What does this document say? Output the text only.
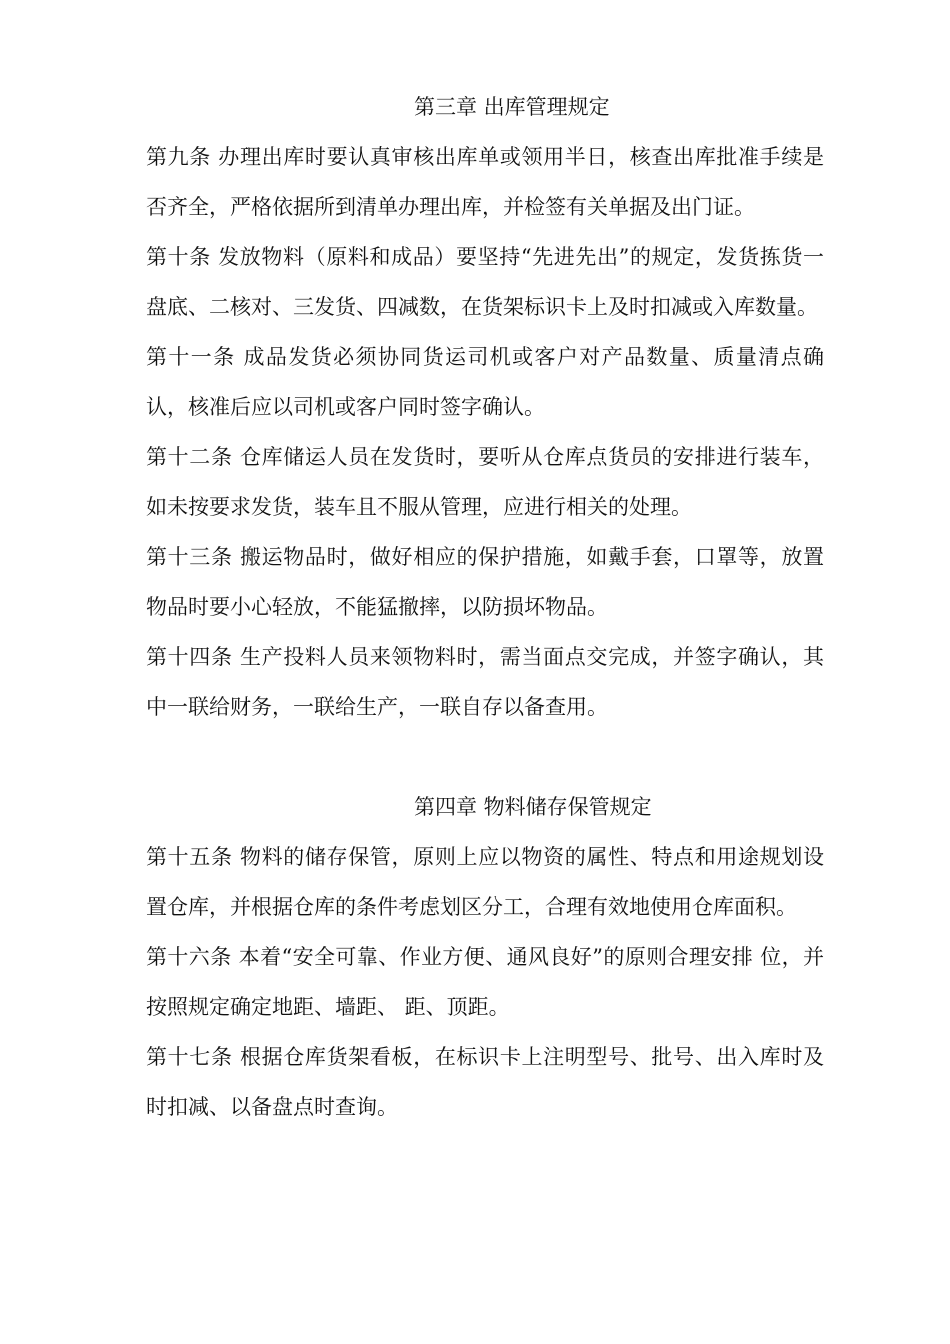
第三章 出库管理规定

第九条 办理出库时要认真审核出库单或领用半日，核查出库批准手续是否齐全，严格依据所到清单办理出库，并检签有关单据及出门证。

第十条 发放物料（原料和成品）要坚持“先进先出”的规定，发货拣货一盘底、二核对、三发货、四减数，在货架标识卡上及时扣减或入库数量。

第十一条 成品发货必须协同货运司机或客户对产品数量、质量清点确认，核准后应以司机或客户同时签字确认。

第十二条 仓库储运人员在发货时，要听从仓库点货员的安排进行装车，如未按要求发货，装车且不服从管理，应进行相关的处理。

第十三条 搬运物品时，做好相应的保护措施，如戴手套，口罩等，放置物品时要小心轻放，不能猛撤摔，以防损坏物品。

第十四条 生产投料人员来领物料时，需当面点交完成，并签字确认，其中一联给财务，一联给生产，一联自存以备查用。

第四章 物料储存保管规定

第十五条 物料的储存保管，原则上应以物资的属性、特点和用途规划设置仓库，并根据仓库的条件考虑划区分工，合理有效地使用仓库面积。

第十六条 本着“安全可靠、作业方便、通风良好”的原则合理安排 位，并按照规定确定地距、墙距、 距、顶距。

第十七条 根据仓库货架看板，在标识卡上注明型号、批号、出入库时及时扣减、以备盘点时查询。
